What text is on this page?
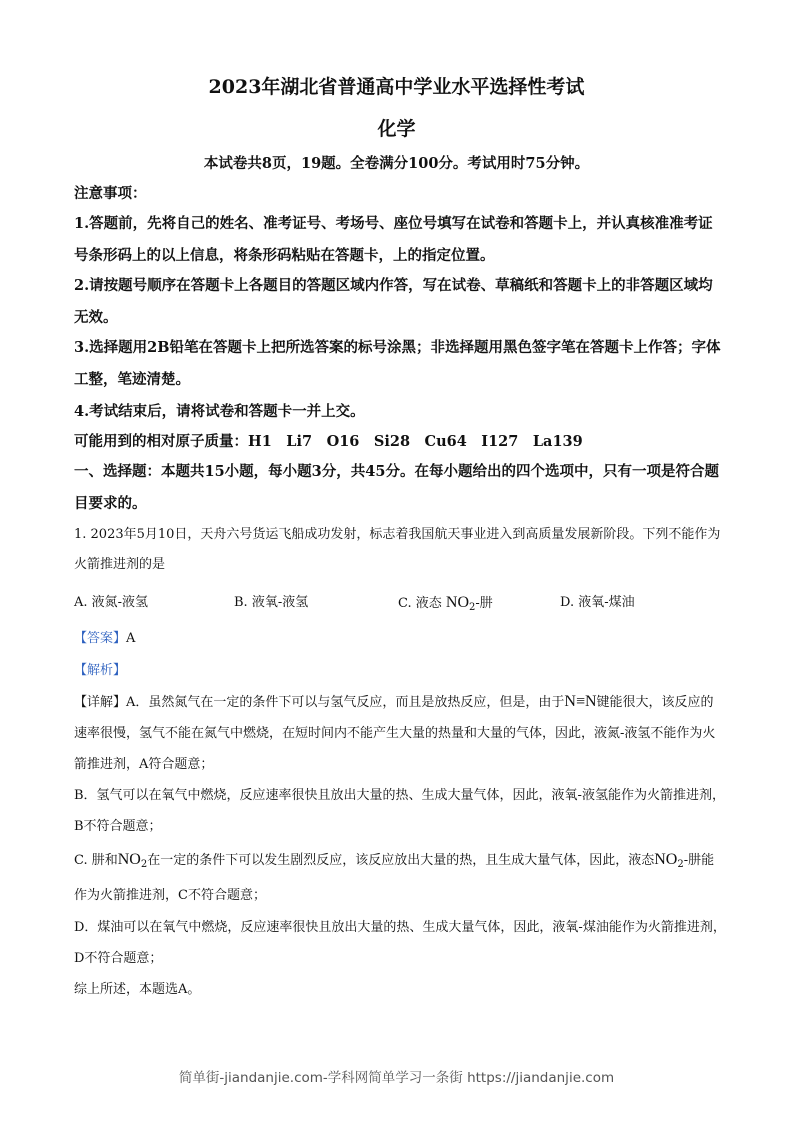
2023年湖北省普通高中学业水平选择性考试
化学
本试卷共8页，19题。全卷满分100分。考试用时75分钟。
注意事项：
1.答题前，先将自己的姓名、准考证号、考场号、座位号填写在试卷和答题卡上，并认真核准准考证号条形码上的以上信息，将条形码粘贴在答题卡，上的指定位置。
2.请按题号顺序在答题卡上各题目的答题区域内作答，写在试卷、草稿纸和答题卡上的非答题区域均无效。
3.选择题用2B铅笔在答题卡上把所选答案的标号涂黑；非选择题用黑色签字笔在答题卡上作答；字体工整，笔迹清楚。
4.考试结束后，请将试卷和答题卡一并上交。
可能用到的相对原子质量：H1　Li7　O16　Si28　Cu64　I127　La139
一、选择题：本题共15小题，每小题3分，共45分。在每小题给出的四个选项中，只有一项是符合题目要求的。
1. 2023年5月10日，天舟六号货运飞船成功发射，标志着我国航天事业进入到高质量发展新阶段。下列不能作为火箭推进剂的是
A. 液氮-液氢	B. 液氧-液氢	C. 液态 $NO_2-$肼	D. 液氧-煤油
【答案】A
【解析】
【详解】A．虽然氮气在一定的条件下可以与氢气反应，而且是放热反应，但是，由于N≡N键能很大，该反应的速率很慢，氢气不能在氮气中燃烧，在短时间内不能产生大量的热量和大量的气体，因此，液氮-液氢不能作为火箭推进剂，A符合题意；
B．氢气可以在氧气中燃烧，反应速率很快且放出大量的热、生成大量气体，因此，液氧-液氢能作为火箭推进剂，B不符合题意；
C. 肼和$NO_2$在一定的条件下可以发生剧烈反应，该反应放出大量的热，且生成大量气体，因此，液态$NO_2-$肼能作为火箭推进剂，C不符合题意；
D．煤油可以在氧气中燃烧，反应速率很快且放出大量的热、生成大量气体，因此，液氧-煤油能作为火箭推进剂，D不符合题意；
综上所述，本题选A。
简单街-jiandanjie.com-学科网简单学习一条街 https://jiandanjie.com
